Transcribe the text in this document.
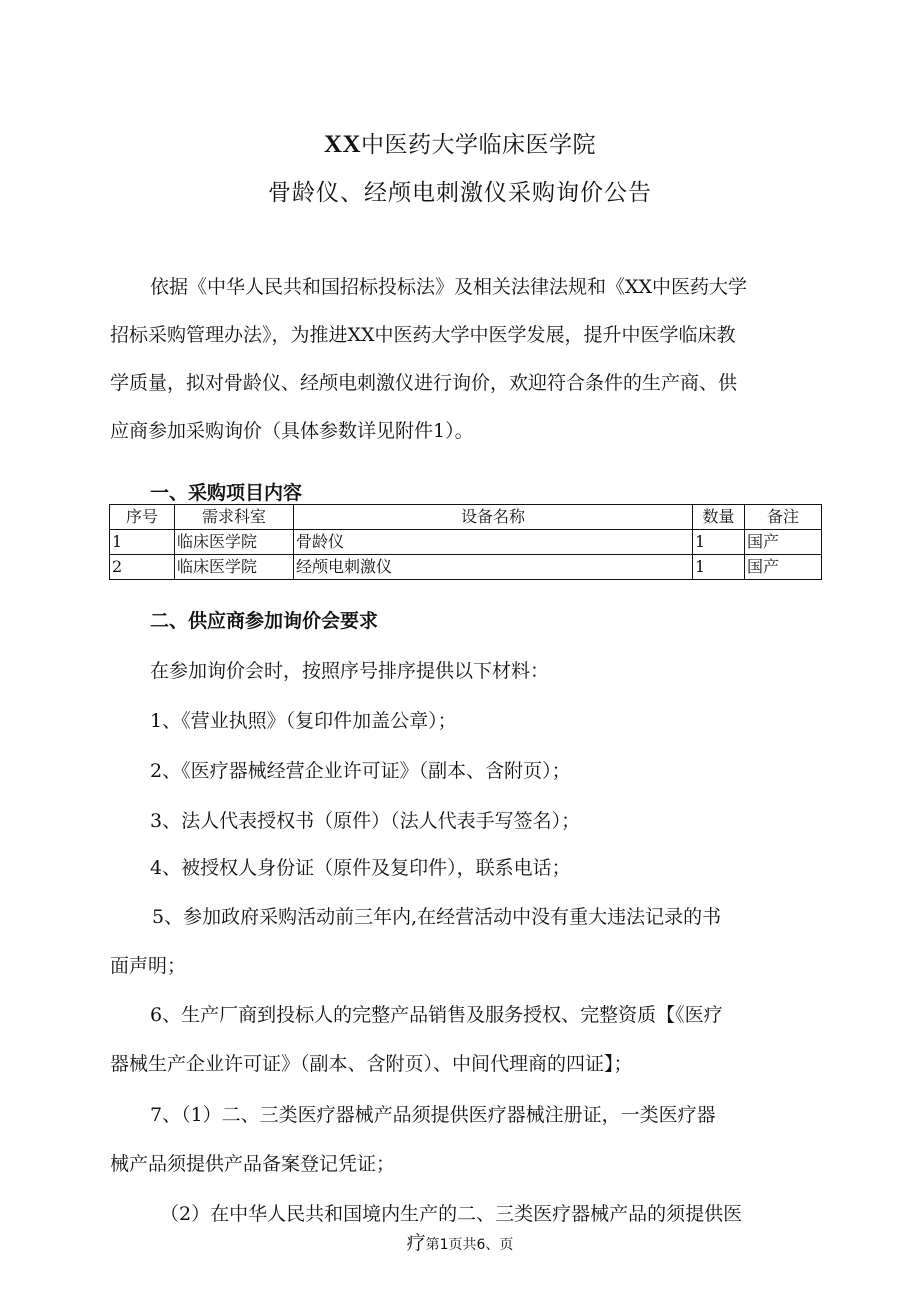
XX中医药大学临床医学院
骨龄仪、经颅电刺激仪采购询价公告
依据《中华人民共和国招标投标法》及相关法律法规和《XX中医药大学
招标采购管理办法》，为推进XX中医药大学中医学发展，提升中医学临床教
学质量，拟对骨龄仪、经颅电刺激仪进行询价，欢迎符合条件的生产商、供
应商参加采购询价（具体参数详见附件1）。
一、采购项目内容
序号	需求科室	设备名称	数量	备注
1	临床医学院	骨龄仪	1	国产
2	临床医学院	经颅电刺激仪	1	国产
二、供应商参加询价会要求
在参加询价会时，按照序号排序提供以下材料：
1、《营业执照》（复印件加盖公章）；
2、《医疗器械经营企业许可证》（副本、含附页）；
3、法人代表授权书（原件）（法人代表手写签名）；
4、被授权人身份证（原件及复印件），联系电话；
5、参加政府采购活动前三年内,在经营活动中没有重大违法记录的书
面声明；
6、生产厂商到投标人的完整产品销售及服务授权、完整资质【《医疗
器械生产企业许可证》（副本、含附页）、中间代理商的四证】；
7、（1）二、三类医疗器械产品须提供医疗器械注册证，一类医疗器
械产品须提供产品备案登记凭证；
（2）在中华人民共和国境内生产的二、三类医疗器械产品的须提供医
疗第1页共6、页
